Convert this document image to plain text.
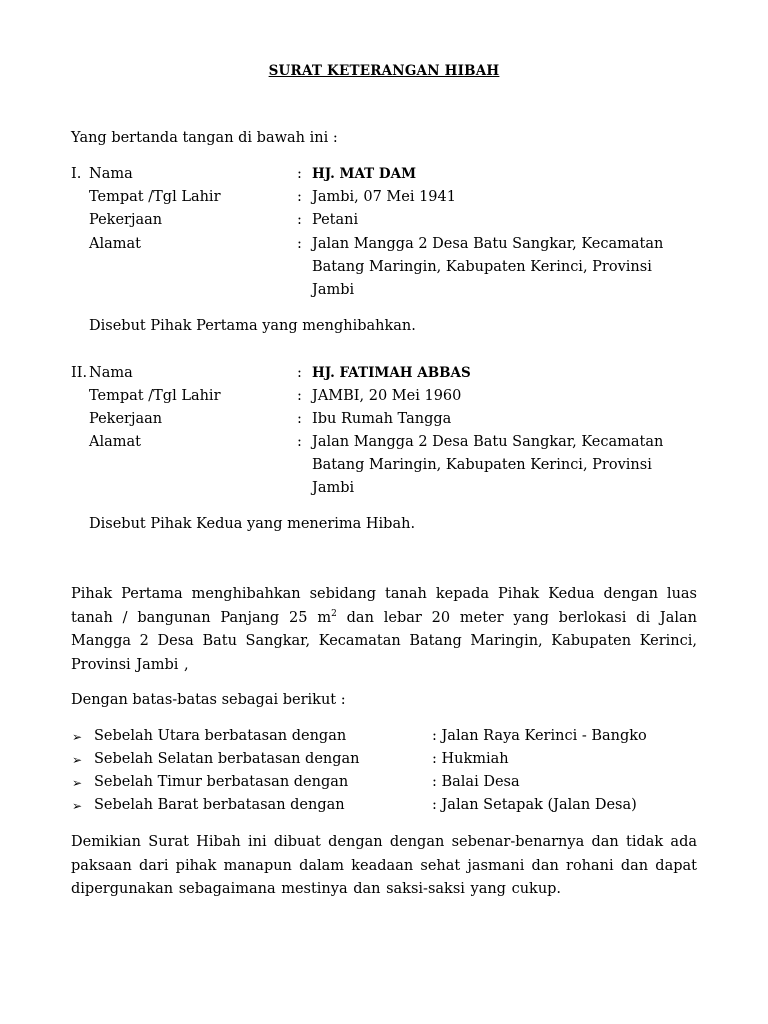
SURAT KETERANGAN HIBAH
Yang bertanda tangan di bawah ini :
I. Nama	: HJ. MAT DAM
Tempat /Tgl Lahir	: Jambi, 07 Mei 1941
Pekerjaan	: Petani
Alamat	: Jalan Mangga 2 Desa Batu Sangkar, Kecamatan
Batang Maringin, Kabupaten Kerinci, Provinsi
Jambi
Disebut Pihak Pertama yang menghibahkan.
II. Nama	: HJ. FATIMAH ABBAS
Tempat /Tgl Lahir	: JAMBI, 20 Mei 1960
Pekerjaan	: Ibu Rumah Tangga
Alamat	: Jalan Mangga 2 Desa Batu Sangkar, Kecamatan
Batang Maringin, Kabupaten Kerinci, Provinsi
Jambi
Disebut Pihak Kedua yang menerima Hibah.
Pihak Pertama menghibahkan sebidang tanah kepada Pihak Kedua dengan luas tanah / bangunan Panjang 25 $m^2$ dan lebar 20 meter yang berlokasi di Jalan Mangga 2 Desa Batu Sangkar, Kecamatan Batang Maringin, Kabupaten Kerinci, Provinsi Jambi ,
Dengan batas-batas sebagai berikut :
➢ Sebelah Utara berbatasan dengan	: Jalan Raya Kerinci - Bangko
➢ Sebelah Selatan berbatasan dengan	: Hukmiah
➢ Sebelah Timur berbatasan dengan	: Balai Desa
➢ Sebelah Barat berbatasan dengan	: Jalan Setapak (Jalan Desa)
Demikian Surat Hibah ini dibuat dengan dengan sebenar-benarnya dan tidak ada paksaan dari pihak manapun dalam keadaan sehat jasmani dan rohani dan dapat dipergunakan sebagaimana mestinya dan saksi-saksi yang cukup.
